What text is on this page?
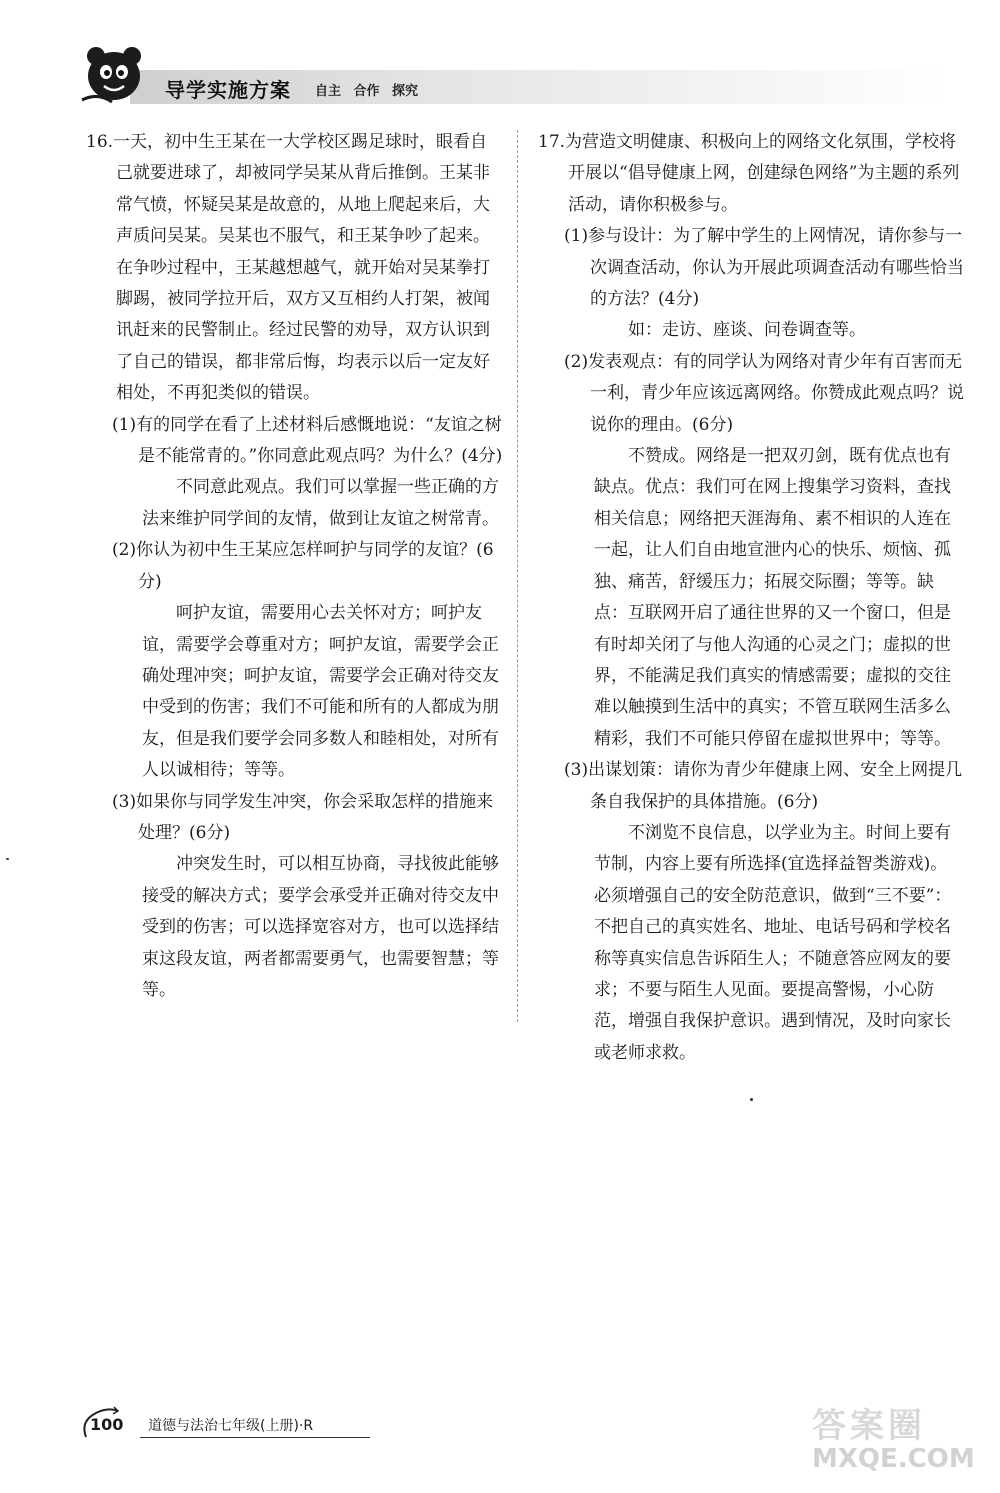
导学实施方案 自主 合作 探究

16.一天，初中生王某在一大学校区踢足球时，眼看自己就要进球了，却被同学吴某从背后推倒。王某非常气愤，怀疑吴某是故意的，从地上爬起来后，大声质问吴某。吴某也不服气，和王某争吵了起来。在争吵过程中，王某越想越气，就开始对吴某拳打脚踢，被同学拉开后，双方又互相约人打架，被闻讯赶来的民警制止。经过民警的劝导，双方认识到了自己的错误，都非常后悔，均表示以后一定友好相处，不再犯类似的错误。

(1)有的同学在看了上述材料后感慨地说：“友谊之树是不能常青的。”你同意此观点吗？为什么？(4分)

不同意此观点。我们可以掌握一些正确的方法来维护同学间的友情，做到让友谊之树常青。

(2)你认为初中生王某应怎样呵护与同学的友谊？(6分)

呵护友谊，需要用心去关怀对方；呵护友谊，需要学会尊重对方；呵护友谊，需要学会正确处理冲突；呵护友谊，需要学会正确对待交友中受到的伤害；我们不可能和所有的人都成为朋友，但是我们要学会同多数人和睦相处，对所有人以诚相待；等等。

(3)如果你与同学发生冲突，你会采取怎样的措施来处理？(6分)

冲突发生时，可以相互协商，寻找彼此能够接受的解决方式；要学会承受并正确对待交友中受到的伤害；可以选择宽容对方，也可以选择结束这段友谊，两者都需要勇气，也需要智慧；等等。

17.为营造文明健康、积极向上的网络文化氛围，学校将开展以“倡导健康上网，创建绿色网络”为主题的系列活动，请你积极参与。

(1)参与设计：为了解中学生的上网情况，请你参与一次调查活动，你认为开展此项调查活动有哪些恰当的方法？(4分)

如：走访、座谈、问卷调查等。

(2)发表观点：有的同学认为网络对青少年有百害而无一利，青少年应该远离网络。你赞成此观点吗？说说你的理由。(6分)

不赞成。网络是一把双刃剑，既有优点也有缺点。优点：我们可在网上搜集学习资料，查找相关信息；网络把天涯海角、素不相识的人连在一起，让人们自由地宣泄内心的快乐、烦恼、孤独、痛苦，舒缓压力；拓展交际圈；等等。缺点：互联网开启了通往世界的又一个窗口，但是有时却关闭了与他人沟通的心灵之门；虚拟的世界，不能满足我们真实的情感需要；虚拟的交往难以触摸到生活中的真实；不管互联网生活多么精彩，我们不可能只停留在虚拟世界中；等等。

(3)出谋划策：请你为青少年健康上网、安全上网提几条自我保护的具体措施。(6分)

不浏览不良信息，以学业为主。时间上要有节制，内容上要有所选择(宜选择益智类游戏)。必须增强自己的安全防范意识，做到“三不要”：不把自己的真实姓名、地址、电话号码和学校名称等真实信息告诉陌生人；不随意答应网友的要求；不要与陌生人见面。要提高警惕，小心防范，增强自我保护意识。遇到情况，及时向家长或老师求救。

100 道德与法治七年级(上册)·R	答案圈
MXQE.COM
